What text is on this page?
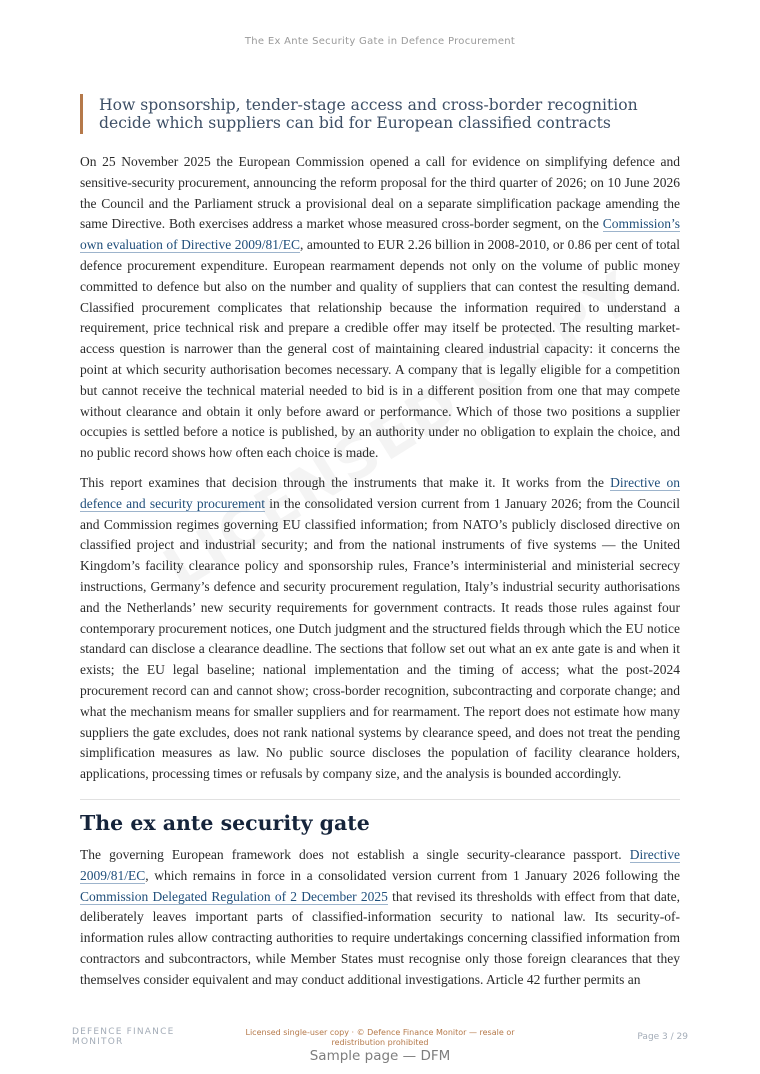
The Ex Ante Security Gate in Defence Procurement
How sponsorship, tender-stage access and cross-border recognition
decide which suppliers can bid for European classified contracts

On 25 November 2025 the European Commission opened a call for evidence on simplifying defence and sensitive-security procurement, announcing the reform proposal for the third quarter of 2026; on 10 June 2026 the Council and the Parliament struck a provisional deal on a separate simplification package amending the same Directive. Both exercises address a market whose measured cross-border segment, on the Commission’s own evaluation of Directive 2009/81/EC, amounted to EUR 2.26 billion in 2008-2010, or 0.86 per cent of total defence procurement expenditure. European rearmament depends not only on the volume of public money committed to defence but also on the number and quality of suppliers that can contest the resulting demand. Classified procurement complicates that relationship because the information required to understand a requirement, price technical risk and prepare a credible offer may itself be protected. The resulting market-access question is narrower than the general cost of maintaining cleared industrial capacity: it concerns the point at which security authorisation becomes necessary. A company that is legally eligible for a competition but cannot receive the technical material needed to bid is in a different position from one that may compete without clearance and obtain it only before award or performance. Which of those two positions a supplier occupies is settled before a notice is published, by an authority under no obligation to explain the choice, and no public record shows how often each choice is made.

This report examines that decision through the instruments that make it. It works from the Directive on defence and security procurement in the consolidated version current from 1 January 2026; from the Council and Commission regimes governing EU classified information; from NATO’s publicly disclosed directive on classified project and industrial security; and from the national instruments of five systems — the United Kingdom’s facility clearance policy and sponsorship rules, France’s interministerial and ministerial secrecy instructions, Germany’s defence and security procurement regulation, Italy’s industrial security authorisations and the Netherlands’ new security requirements for government contracts. It reads those rules against four contemporary procurement notices, one Dutch judgment and the structured fields through which the EU notice standard can disclose a clearance deadline. The sections that follow set out what an ex ante gate is and when it exists; the EU legal baseline; national implementation and the timing of access; what the post-2024 procurement record can and cannot show; cross-border recognition, subcontracting and corporate change; and what the mechanism means for smaller suppliers and for rearmament. The report does not estimate how many suppliers the gate excludes, does not rank national systems by clearance speed, and does not treat the pending simplification measures as law. No public source discloses the population of facility clearance holders, applications, processing times or refusals by company size, and the analysis is bounded accordingly.

The ex ante security gate

The governing European framework does not establish a single security-clearance passport. Directive 2009/81/EC, which remains in force in a consolidated version current from 1 January 2026 following the Commission Delegated Regulation of 2 December 2025 that revised its thresholds with effect from that date, deliberately leaves important parts of classified-information security to national law. Its security-of-information rules allow contracting authorities to require undertakings concerning classified information from contractors and subcontractors, while Member States must recognise only those foreign clearances that they themselves consider equivalent and may conduct additional investigations. Article 42 further permits an

DEFENCE FINANCE
MONITOR
Licensed single-user copy · © Defence Finance Monitor — resale or redistribution prohibited
Page 3 / 29
Sample page — DFM
